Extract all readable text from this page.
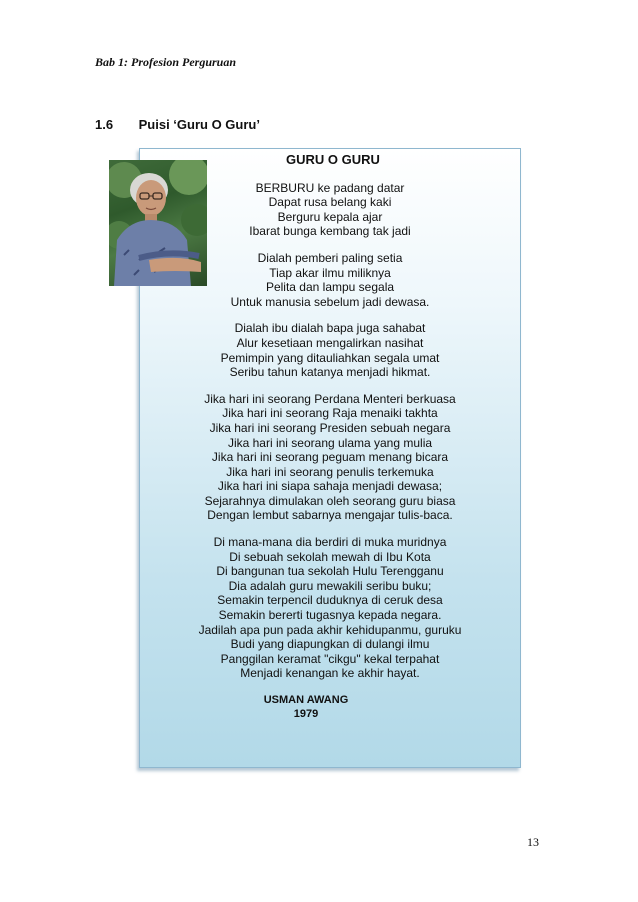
Bab 1: Profesion Perguruan
1.6 Puisi ‘Guru O Guru’
GURU O GURU
BERBURU ke padang datar
Dapat rusa belang kaki
Berguru kepala ajar
Ibarat bunga kembang tak jadi
Dialah pemberi paling setia
Tiap akar ilmu miliknya
Pelita dan lampu segala
Untuk manusia sebelum jadi dewasa.
Dialah ibu dialah bapa juga sahabat
Alur kesetiaan mengalirkan nasihat
Pemimpin yang ditauliahkan segala umat
Seribu tahun katanya menjadi hikmat.
Jika hari ini seorang Perdana Menteri berkuasa
Jika hari ini seorang Raja menaiki takhta
Jika hari ini seorang Presiden sebuah negara
Jika hari ini seorang ulama yang mulia
Jika hari ini seorang peguam menang bicara
Jika hari ini seorang penulis terkemuka
Jika hari ini siapa sahaja menjadi dewasa;
Sejarahnya dimulakan oleh seorang guru biasa
Dengan lembut sabarnya mengajar tulis-baca.
Di mana-mana dia berdiri di muka muridnya
Di sebuah sekolah mewah di Ibu Kota
Di bangunan tua sekolah Hulu Terengganu
Dia adalah guru mewakili seribu buku;
Semakin terpencil duduknya di ceruk desa
Semakin bererti tugasnya kepada negara.
Jadilah apa pun pada akhir kehidupanmu, guruku
Budi yang diapungkan di dulangi ilmu
Panggilan keramat "cikgu" kekal terpahat
Menjadi kenangan ke akhir hayat.
USMAN AWANG
1979
13
